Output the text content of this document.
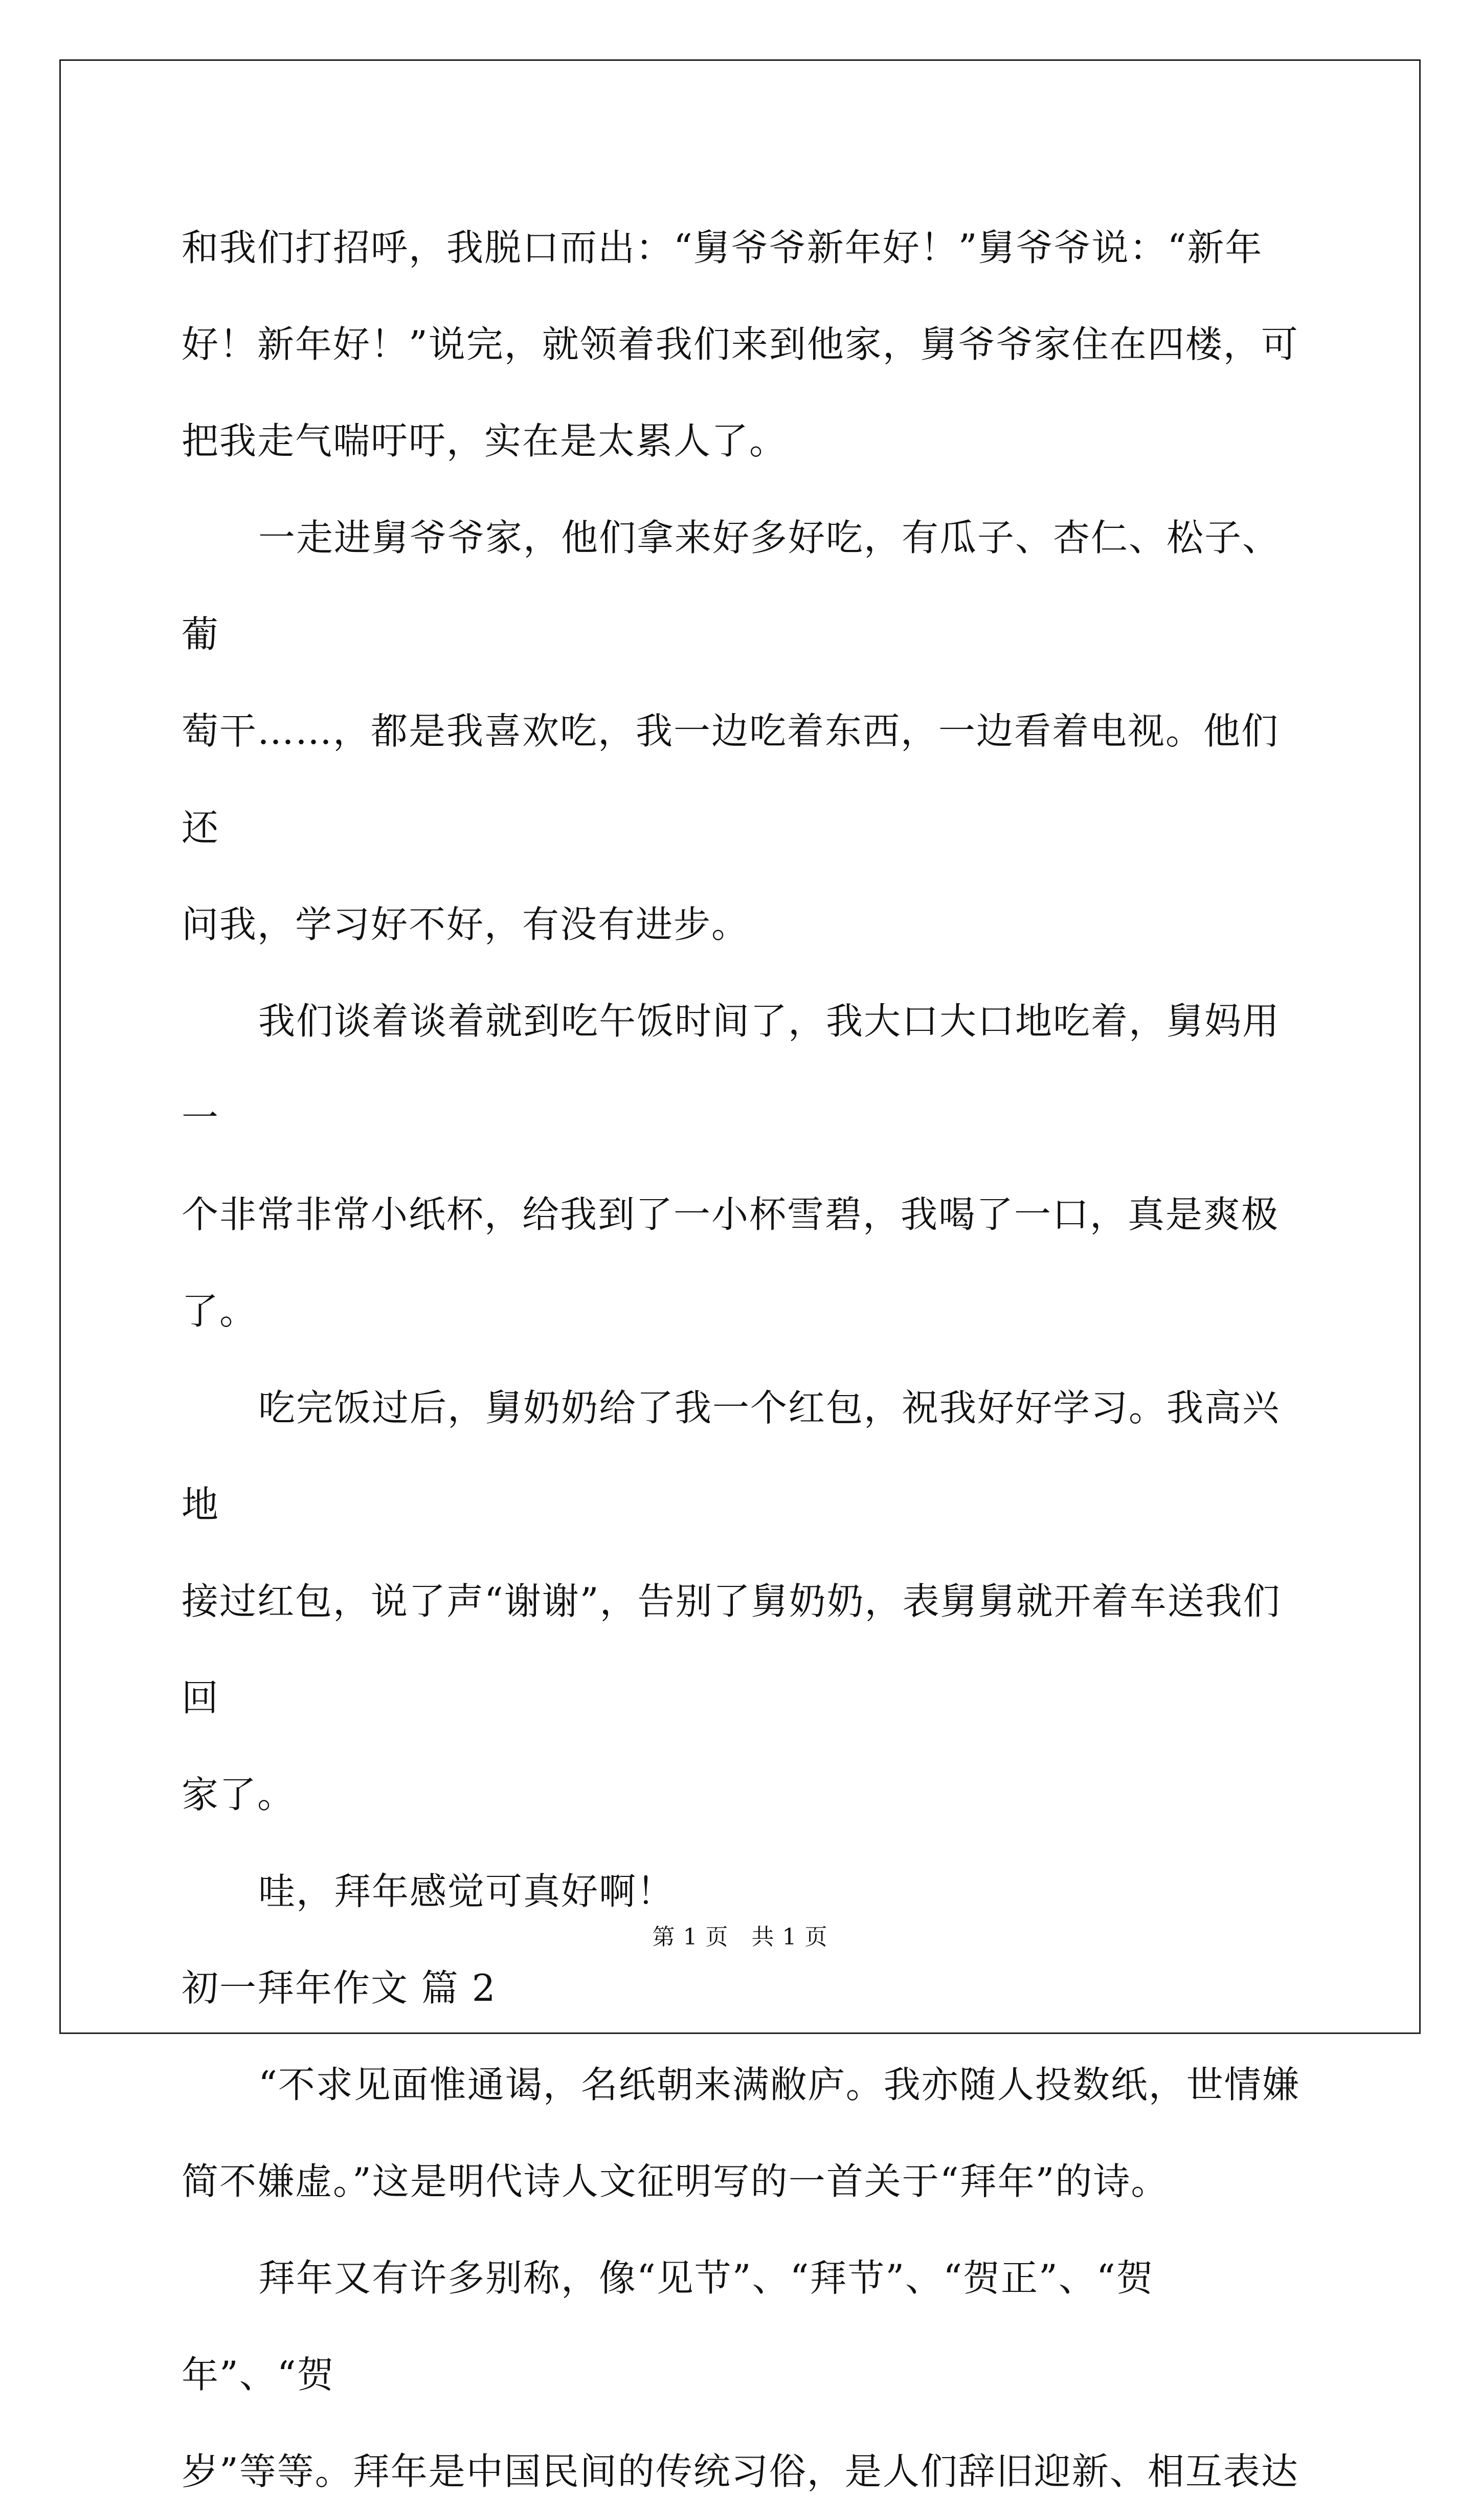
和我们打招呼，我脱口而出：“舅爷爷新年好！”舅爷爷说：“新年

好！新年好！”说完，就领着我们来到他家，舅爷爷家住在四楼，可

把我走气喘吁吁，实在是太累人了。

一走进舅爷爷家，他们拿来好多好吃，有瓜子、杏仁、松子、葡

萄干……，都是我喜欢吃，我一边吃着东西，一边看着电视。他们还

问我，学习好不好，有没有进步。

我们谈着谈着就到吃午饭时间了，我大口大口地吃着，舅妈用一

个非常非常小纸杯，给我到了一小杯雪碧，我喝了一口，真是爽极了。

吃完饭过后，舅奶奶给了我一个红包，祝我好好学习。我高兴地

接过红包，说了声“谢谢”，告别了舅奶奶，表舅舅就开着车送我们回

家了。

哇，拜年感觉可真好啊！

初一拜年作文 篇 2

“不求见面惟通谒，名纸朝来满敝庐。我亦随人投数纸，世情嫌

简不嫌虚。”这是明代诗人文征明写的一首关于“拜年”的诗。

拜年又有许多别称，像“见节”、“拜节”、“贺正”、“贺年”、“贺

岁”等等。拜年是中国民间的传统习俗，是人们辞旧迎新、相互表达

第 1 页　共 1 页
